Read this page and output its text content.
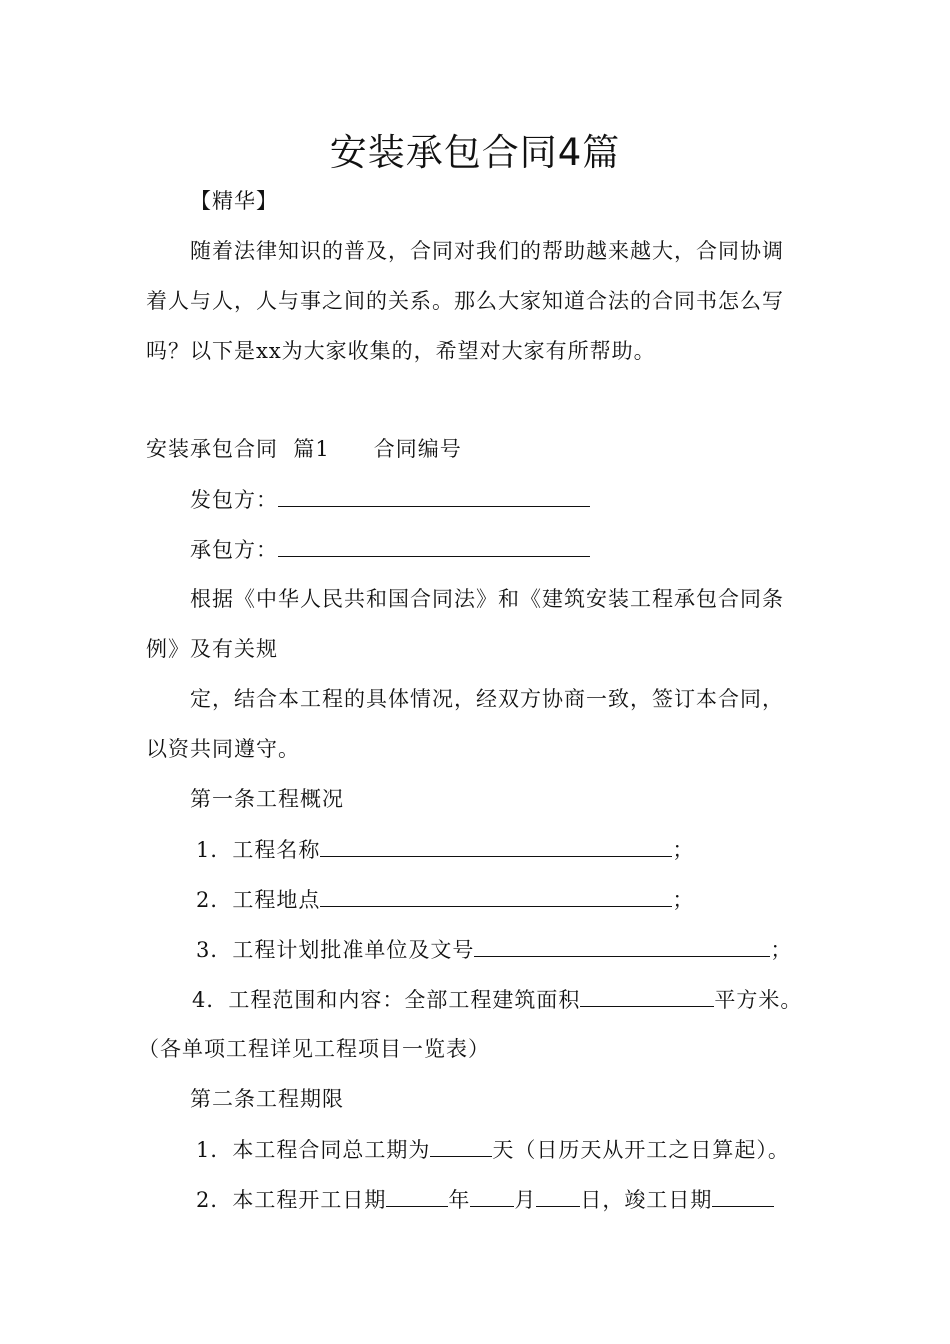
安装承包合同4篇
【精华】
随着法律知识的普及，合同对我们的帮助越来越大，合同协调
着人与人，人与事之间的关系。那么大家知道合法的合同书怎么写
吗？以下是xx为大家收集的，希望对大家有所帮助。
安装承包合同  篇1 合同编号
发包方：
承包方：
根据《中华人民共和国合同法》和《建筑安装工程承包合同条
例》及有关规
定，结合本工程的具体情况，经双方协商一致，签订本合同，
以资共同遵守。
第一条工程概况
1．工程名称	；
2．工程地点	；
3．工程计划批准单位及文号	；
4．工程范围和内容：全部工程建筑面积	平方米。
（各单项工程详见工程项目一览表）
第二条工程期限
1．本工程合同总工期为	天（日历天从开工之日算起）。
2．本工程开工日期	年 月 日，竣工日期
